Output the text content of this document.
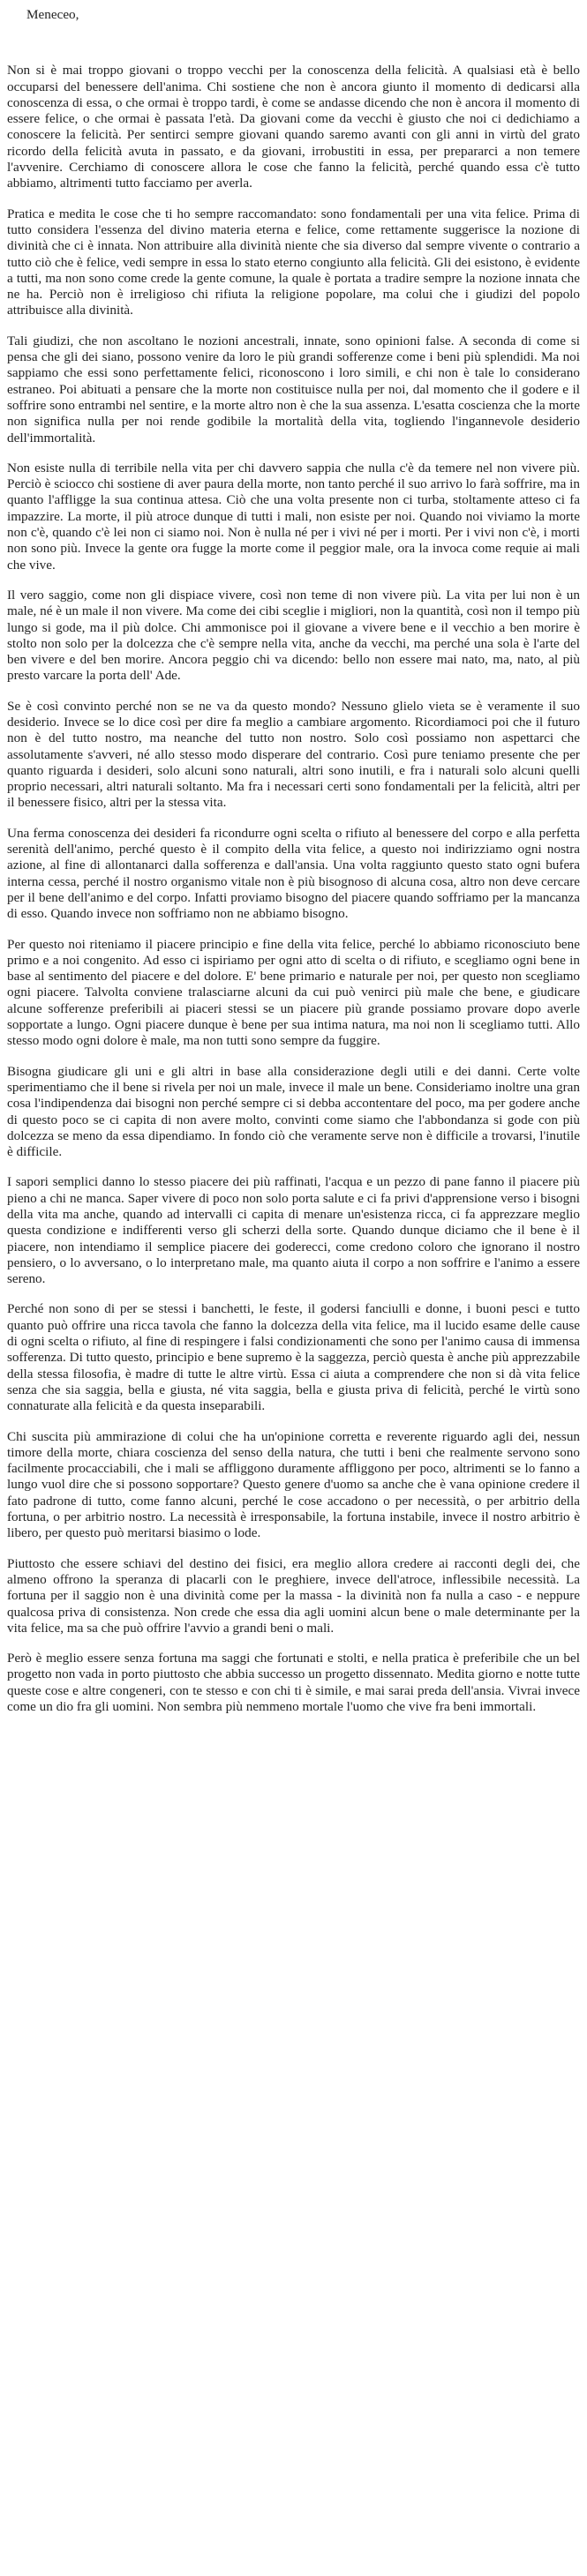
Meneceo,

Non si è mai troppo giovani o troppo vecchi per la conoscenza della felicità. A qualsiasi età è bello occuparsi del benessere dell'anima. Chi sostiene che non è ancora giunto il momento di dedicarsi alla conoscenza di essa, o che ormai è troppo tardi, è come se andasse dicendo che non è ancora il momento di essere felice, o che ormai è passata l'età. Da giovani come da vecchi è giusto che noi ci dedichiamo a conoscere la felicità. Per sentirci sempre giovani quando saremo avanti con gli anni in virtù del grato ricordo della felicità avuta in passato, e da giovani, irrobustiti in essa, per prepararci a non temere l'avvenire. Cerchiamo di conoscere allora le cose che fanno la felicità, perché quando essa c'è tutto abbiamo, altrimenti tutto facciamo per averla.

Pratica e medita le cose che ti ho sempre raccomandato: sono fondamentali per una vita felice. Prima di tutto considera l'essenza del divino materia eterna e felice, come rettamente suggerisce la nozione di divinità che ci è innata. Non attribuire alla divinità niente che sia diverso dal sempre vivente o contrario a tutto ciò che è felice, vedi sempre in essa lo stato eterno congiunto alla felicità. Gli dei esistono, è evidente a tutti, ma non sono come crede la gente comune, la quale è portata a tradire sempre la nozione innata che ne ha. Perciò non è irreligioso chi rifiuta la religione popolare, ma colui che i giudizi del popolo attribuisce alla divinità.

Tali giudizi, che non ascoltano le nozioni ancestrali, innate, sono opinioni false. A seconda di come si pensa che gli dei siano, possono venire da loro le più grandi sofferenze come i beni più splendidi. Ma noi sappiamo che essi sono perfettamente felici, riconoscono i loro simili, e chi non è tale lo considerano estraneo. Poi abituati a pensare che la morte non costituisce nulla per noi, dal momento che il godere e il soffrire sono entrambi nel sentire, e la morte altro non è che la sua assenza. L'esatta coscienza che la morte non significa nulla per noi rende godibile la mortalità della vita, togliendo l'ingannevole desiderio dell'immortalità.

Non esiste nulla di terribile nella vita per chi davvero sappia che nulla c'è da temere nel non vivere più. Perciò è sciocco chi sostiene di aver paura della morte, non tanto perché il suo arrivo lo farà soffrire, ma in quanto l'affligge la sua continua attesa. Ciò che una volta presente non ci turba, stoltamente atteso ci fa impazzire. La morte, il più atroce dunque di tutti i mali, non esiste per noi. Quando noi viviamo la morte non c'è, quando c'è lei non ci siamo noi. Non è nulla né per i vivi né per i morti. Per i vivi non c'è, i morti non sono più. Invece la gente ora fugge la morte come il peggior male, ora la invoca come requie ai mali che vive.

Il vero saggio, come non gli dispiace vivere, così non teme di non vivere più. La vita per lui non è un male, né è un male il non vivere. Ma come dei cibi sceglie i migliori, non la quantità, così non il tempo più lungo si gode, ma il più dolce. Chi ammonisce poi il giovane a vivere bene e il vecchio a ben morire è stolto non solo per la dolcezza che c'è sempre nella vita, anche da vecchi, ma perché una sola è l'arte del ben vivere e del ben morire. Ancora peggio chi va dicendo: bello non essere mai nato, ma, nato, al più presto varcare la porta dell' Ade.

Se è così convinto perché non se ne va da questo mondo? Nessuno glielo vieta se è veramente il suo desiderio. Invece se lo dice così per dire fa meglio a cambiare argomento. Ricordiamoci poi che il futuro non è del tutto nostro, ma neanche del tutto non nostro. Solo così possiamo non aspettarci che assolutamente s'avveri, né allo stesso modo disperare del contrario. Così pure teniamo presente che per quanto riguarda i desideri, solo alcuni sono naturali, altri sono inutili, e fra i naturali solo alcuni quelli proprio necessari, altri naturali soltanto. Ma fra i necessari certi sono fondamentali per la felicità, altri per il benessere fisico, altri per la stessa vita.

Una ferma conoscenza dei desideri fa ricondurre ogni scelta o rifiuto al benessere del corpo e alla perfetta serenità dell'animo, perché questo è il compito della vita felice, a questo noi indirizziamo ogni nostra azione, al fine di allontanarci dalla sofferenza e dall'ansia. Una volta raggiunto questo stato ogni bufera interna cessa, perché il nostro organismo vitale non è più bisognoso di alcuna cosa, altro non deve cercare per il bene dell'animo e del corpo. Infatti proviamo bisogno del piacere quando soffriamo per la mancanza di esso. Quando invece non soffriamo non ne abbiamo bisogno.

Per questo noi riteniamo il piacere principio e fine della vita felice, perché lo abbiamo riconosciuto bene primo e a noi congenito. Ad esso ci ispiriamo per ogni atto di scelta o di rifiuto, e scegliamo ogni bene in base al sentimento del piacere e del dolore. E' bene primario e naturale per noi, per questo non scegliamo ogni piacere. Talvolta conviene tralasciarne alcuni da cui può venirci più male che bene, e giudicare alcune sofferenze preferibili ai piaceri stessi se un piacere più grande possiamo provare dopo averle sopportate a lungo. Ogni piacere dunque è bene per sua intima natura, ma noi non li scegliamo tutti. Allo stesso modo ogni dolore è male, ma non tutti sono sempre da fuggire.

Bisogna giudicare gli uni e gli altri in base alla considerazione degli utili e dei danni. Certe volte sperimentiamo che il bene si rivela per noi un male, invece il male un bene. Consideriamo inoltre una gran cosa l'indipendenza dai bisogni non perché sempre ci si debba accontentare del poco, ma per godere anche di questo poco se ci capita di non avere molto, convinti come siamo che l'abbondanza si gode con più dolcezza se meno da essa dipendiamo. In fondo ciò che veramente serve non è difficile a trovarsi, l'inutile è difficile.

I sapori semplici danno lo stesso piacere dei più raffinati, l'acqua e un pezzo di pane fanno il piacere più pieno a chi ne manca. Saper vivere di poco non solo porta salute e ci fa privi d'apprensione verso i bisogni della vita ma anche, quando ad intervalli ci capita di menare un'esistenza ricca, ci fa apprezzare meglio questa condizione e indifferenti verso gli scherzi della sorte. Quando dunque diciamo che il bene è il piacere, non intendiamo il semplice piacere dei goderecci, come credono coloro che ignorano il nostro pensiero, o lo avversano, o lo interpretano male, ma quanto aiuta il corpo a non soffrire e l'animo a essere sereno.

Perché non sono di per se stessi i banchetti, le feste, il godersi fanciulli e donne, i buoni pesci e tutto quanto può offrire una ricca tavola che fanno la dolcezza della vita felice, ma il lucido esame delle cause di ogni scelta o rifiuto, al fine di respingere i falsi condizionamenti che sono per l'animo causa di immensa sofferenza. Di tutto questo, principio e bene supremo è la saggezza, perciò questa è anche più apprezzabile della stessa filosofia, è madre di tutte le altre virtù. Essa ci aiuta a comprendere che non si dà vita felice senza che sia saggia, bella e giusta, né vita saggia, bella e giusta priva di felicità, perché le virtù sono connaturate alla felicità e da questa inseparabili.

Chi suscita più ammirazione di colui che ha un'opinione corretta e reverente riguardo agli dei, nessun timore della morte, chiara coscienza del senso della natura, che tutti i beni che realmente servono sono facilmente procacciabili, che i mali se affliggono duramente affliggono per poco, altrimenti se lo fanno a lungo vuol dire che si possono sopportare? Questo genere d'uomo sa anche che è vana opinione credere il fato padrone di tutto, come fanno alcuni, perché le cose accadono o per necessità, o per arbitrio della fortuna, o per arbitrio nostro. La necessità è irresponsabile, la fortuna instabile, invece il nostro arbitrio è libero, per questo può meritarsi biasimo o lode.

Piuttosto che essere schiavi del destino dei fisici, era meglio allora credere ai racconti degli dei, che almeno offrono la speranza di placarli con le preghiere, invece dell'atroce, inflessibile necessità. La fortuna per il saggio non è una divinità come per la massa - la divinità non fa nulla a caso - e neppure qualcosa priva di consistenza. Non crede che essa dia agli uomini alcun bene o male determinante per la vita felice, ma sa che può offrire l'avvio a grandi beni o mali.

Però è meglio essere senza fortuna ma saggi che fortunati e stolti, e nella pratica è preferibile che un bel progetto non vada in porto piuttosto che abbia successo un progetto dissennato. Medita giorno e notte tutte queste cose e altre congeneri, con te stesso e con chi ti è simile, e mai sarai preda dell'ansia. Vivrai invece come un dio fra gli uomini. Non sembra più nemmeno mortale l'uomo che vive fra beni immortali.
